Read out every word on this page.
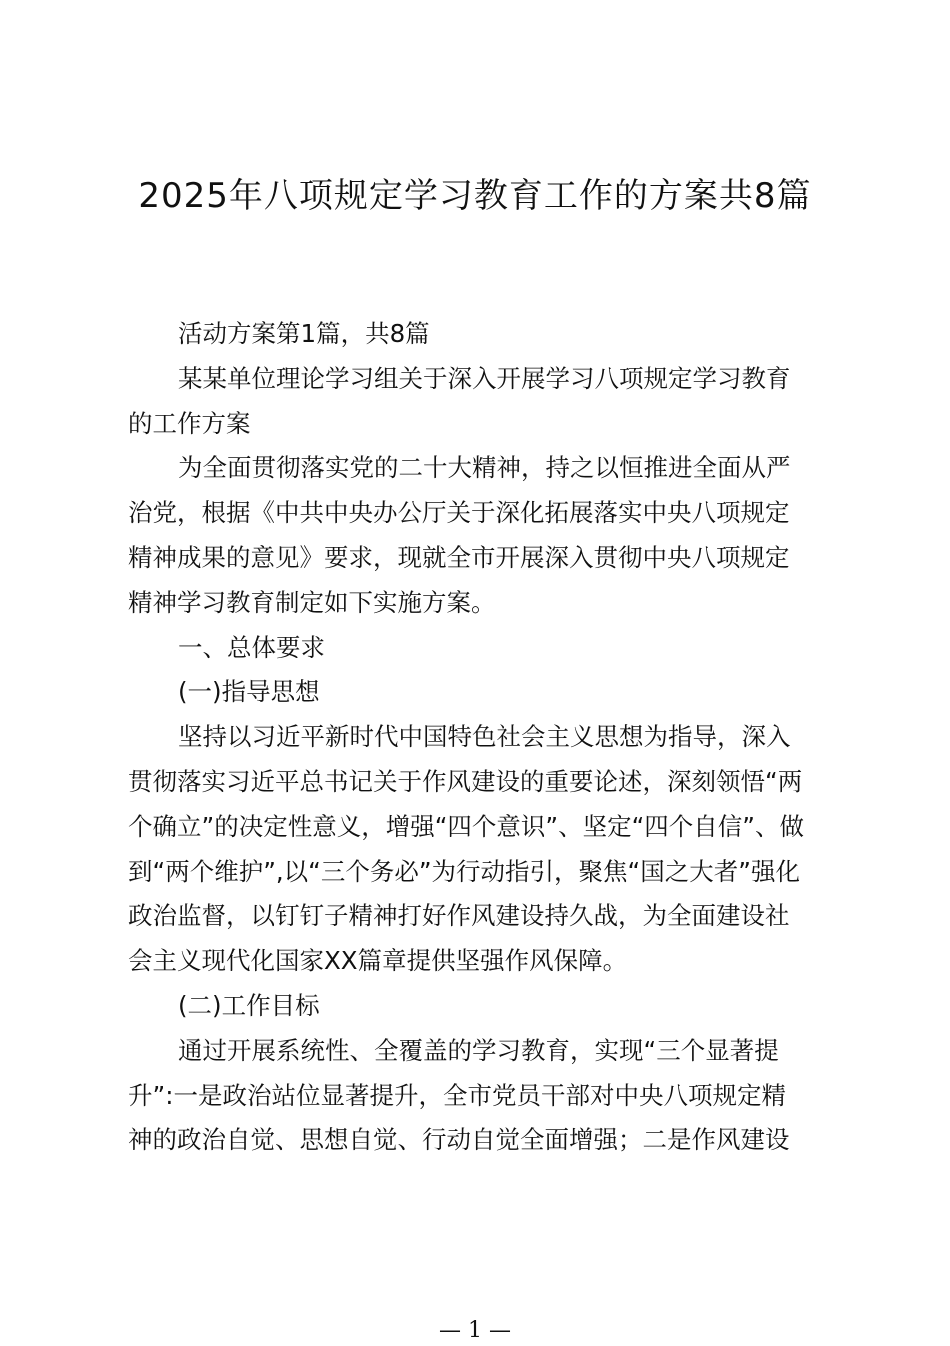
2025年八项规定学习教育工作的方案共8篇
活动方案第1篇，共8篇

某某单位理论学习组关于深入开展学习八项规定学习教育
的工作方案

为全面贯彻落实党的二十大精神，持之以恒推进全面从严
治党，根据《中共中央办公厅关于深化拓展落实中央八项规定
精神成果的意见》要求，现就全市开展深入贯彻中央八项规定
精神学习教育制定如下实施方案。

一、总体要求
(一)指导思想

坚持以习近平新时代中国特色社会主义思想为指导，深入
贯彻落实习近平总书记关于作风建设的重要论述，深刻领悟“两
个确立”的决定性意义，增强“四个意识”、坚定“四个自信”、做
到“两个维护”,以“三个务必”为行动指引，聚焦“国之大者”强化
政治监督，以钉钉子精神打好作风建设持久战，为全面建设社
会主义现代化国家XX篇章提供坚强作风保障。

(二)工作目标

通过开展系统性、全覆盖的学习教育，实现“三个显著提
升”:一是政治站位显著提升，全市党员干部对中央八项规定精
神的政治自觉、思想自觉、行动自觉全面增强；二是作风建设

— 1 —
